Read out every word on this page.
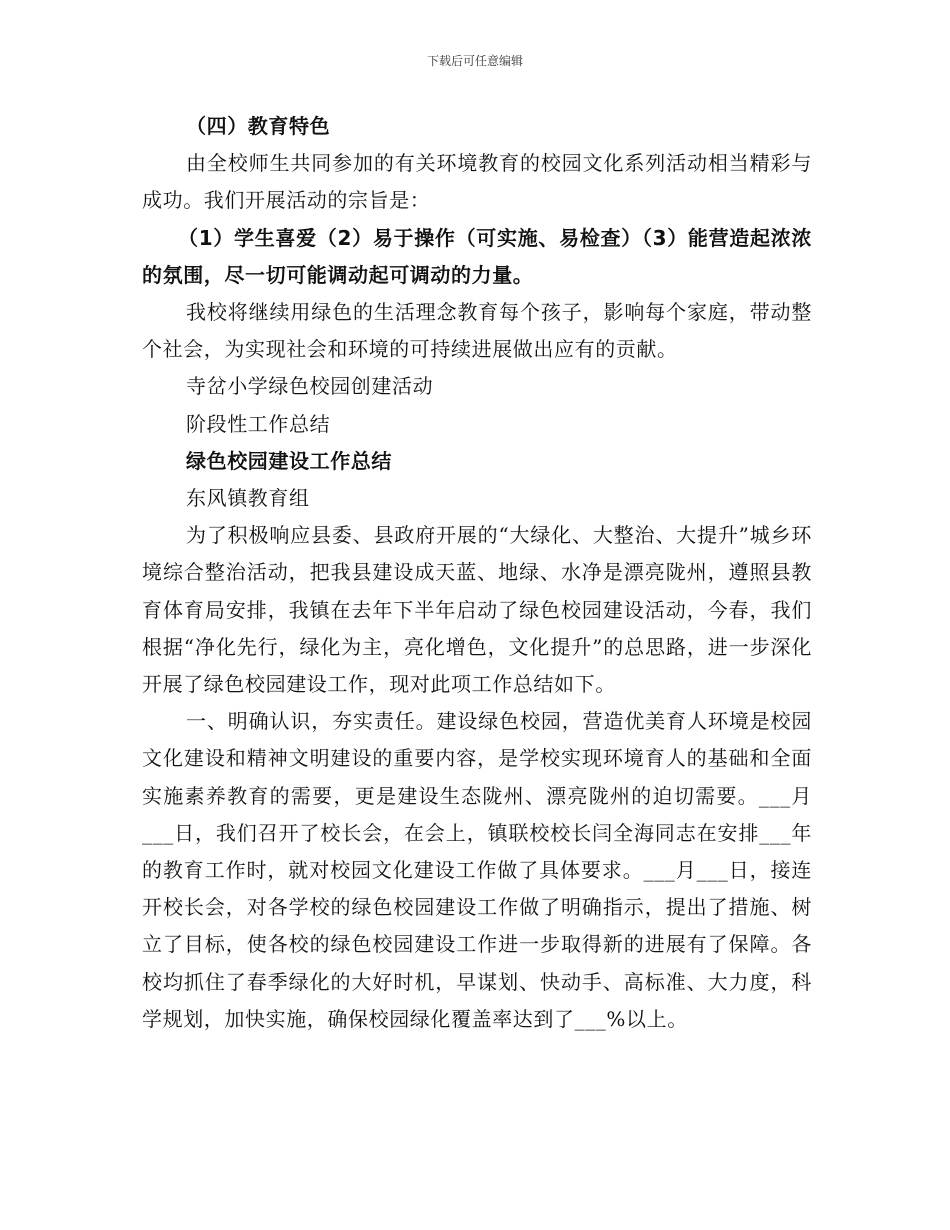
下载后可任意编辑

（四）教育特色

由全校师生共同参加的有关环境教育的校园文化系列活动相当精彩与成功。我们开展活动的宗旨是：

（1）学生喜爱（2）易于操作（可实施、易检查）（3）能营造起浓浓的氛围，尽一切可能调动起可调动的力量。

我校将继续用绿色的生活理念教育每个孩子，影响每个家庭，带动整个社会，为实现社会和环境的可持续进展做出应有的贡献。

寺岔小学绿色校园创建活动

阶段性工作总结

绿色校园建设工作总结

东风镇教育组

为了积极响应县委、县政府开展的“大绿化、大整治、大提升”城乡环境综合整治活动，把我县建设成天蓝、地绿、水净是漂亮陇州，遵照县教育体育局安排，我镇在去年下半年启动了绿色校园建设活动，今春，我们根据“净化先行，绿化为主，亮化增色，文化提升”的总思路，进一步深化开展了绿色校园建设工作，现对此项工作总结如下。

一、明确认识，夯实责任。建设绿色校园，营造优美育人环境是校园文化建设和精神文明建设的重要内容，是学校实现环境育人的基础和全面实施素养教育的需要，更是建设生态陇州、漂亮陇州的迫切需要。___月___日，我们召开了校长会，在会上，镇联校校长闫全海同志在安排___年的教育工作时，就对校园文化建设工作做了具体要求。___月___日，接连开校长会，对各学校的绿色校园建设工作做了明确指示，提出了措施、树立了目标，使各校的绿色校园建设工作进一步取得新的进展有了保障。各校均抓住了春季绿化的大好时机，早谋划、快动手、高标准、大力度，科学规划，加快实施，确保校园绿化覆盖率达到了___%以上。
